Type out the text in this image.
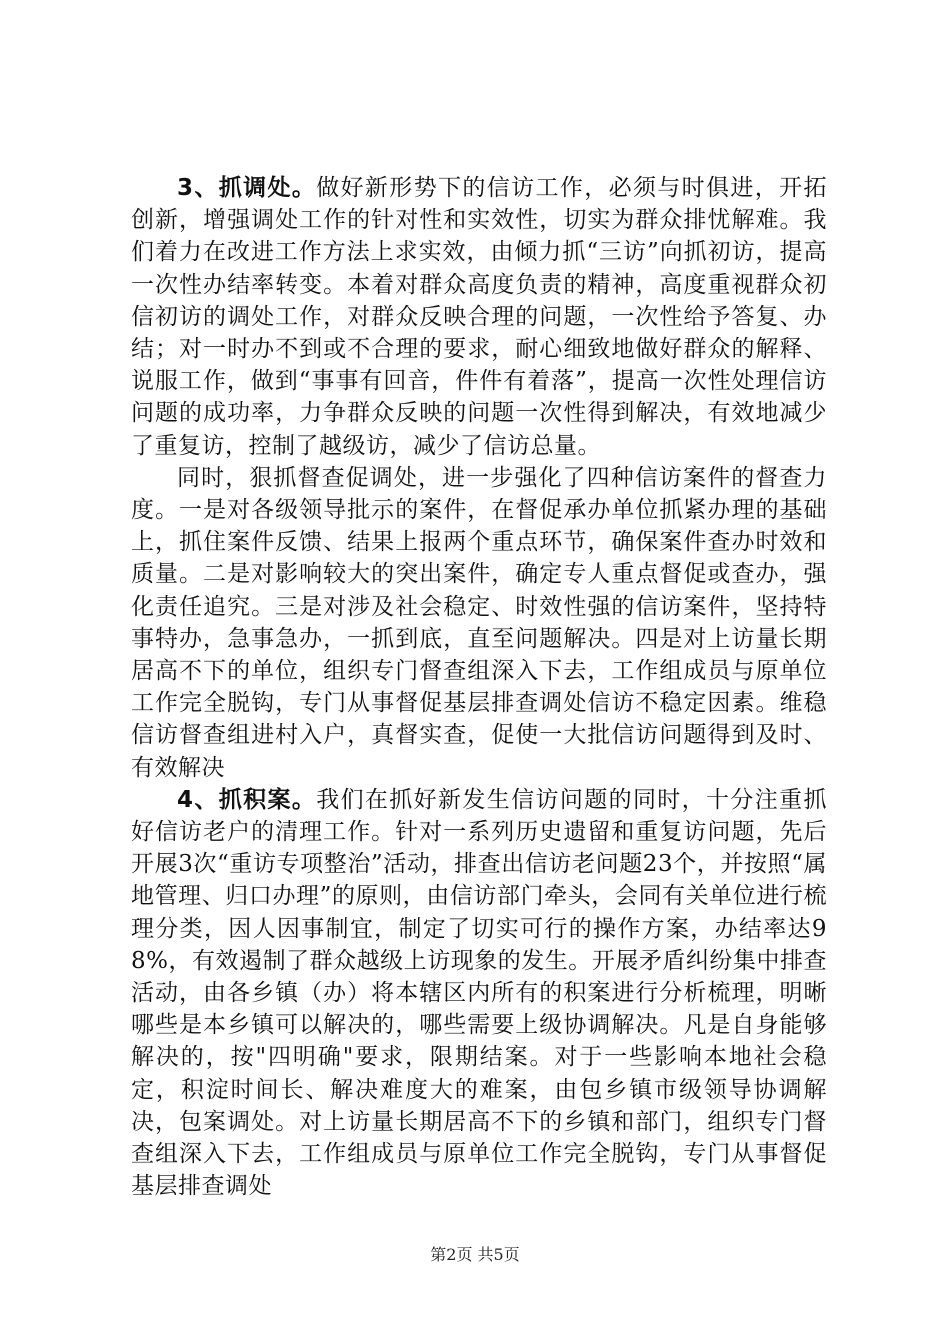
3、抓调处。做好新形势下的信访工作，必须与时俱进，开拓创新，增强调处工作的针对性和实效性，切实为群众排忧解难。我们着力在改进工作方法上求实效，由倾力抓“三访”向抓初访，提高一次性办结率转变。本着对群众高度负责的精神，高度重视群众初信初访的调处工作，对群众反映合理的问题，一次性给予答复、办结；对一时办不到或不合理的要求，耐心细致地做好群众的解释、说服工作，做到“事事有回音，件件有着落”，提高一次性处理信访问题的成功率，力争群众反映的问题一次性得到解决，有效地减少了重复访，控制了越级访，减少了信访总量。

同时，狠抓督查促调处，进一步强化了四种信访案件的督查力度。一是对各级领导批示的案件，在督促承办单位抓紧办理的基础上，抓住案件反馈、结果上报两个重点环节，确保案件查办时效和质量。二是对影响较大的突出案件，确定专人重点督促或查办，强化责任追究。三是对涉及社会稳定、时效性强的信访案件，坚持特事特办，急事急办，一抓到底，直至问题解决。四是对上访量长期居高不下的单位，组织专门督查组深入下去，工作组成员与原单位工作完全脱钩，专门从事督促基层排查调处信访不稳定因素。维稳信访督查组进村入户，真督实查，促使一大批信访问题得到及时、有效解决

4、抓积案。我们在抓好新发生信访问题的同时，十分注重抓好信访老户的清理工作。针对一系列历史遗留和重复访问题，先后开展3次“重访专项整治”活动，排查出信访老问题23个，并按照“属地管理、归口办理”的原则，由信访部门牵头，会同有关单位进行梳理分类，因人因事制宜，制定了切实可行的操作方案，办结率达98%，有效遏制了群众越级上访现象的发生。开展矛盾纠纷集中排查活动，由各乡镇（办）将本辖区内所有的积案进行分析梳理，明晰哪些是本乡镇可以解决的，哪些需要上级协调解决。凡是自身能够解决的，按"四明确"要求，限期结案。对于一些影响本地社会稳定，积淀时间长、解决难度大的难案，由包乡镇市级领导协调解决，包案调处。对上访量长期居高不下的乡镇和部门，组织专门督查组深入下去，工作组成员与原单位工作完全脱钩，专门从事督促基层排查调处

第2页 共5页
